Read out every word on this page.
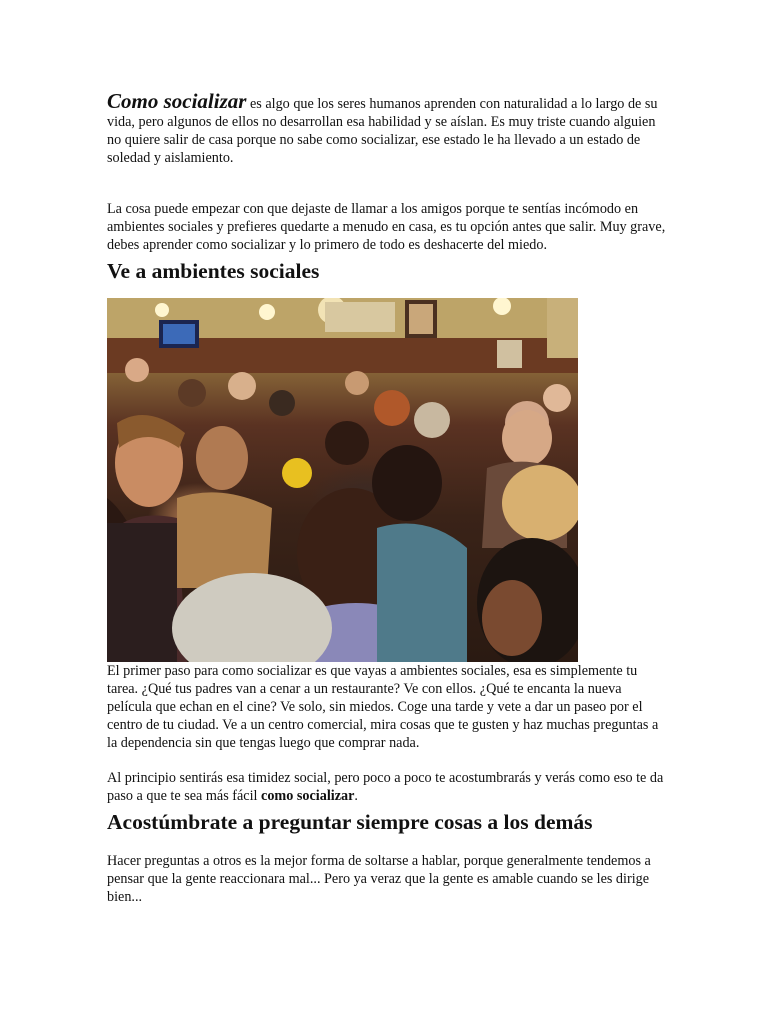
Como socializar es algo que los seres humanos aprenden con naturalidad a lo largo de su vida, pero algunos de ellos no desarrollan esa habilidad y se aíslan. Es muy triste cuando alguien no quiere salir de casa porque no sabe como socializar, ese estado le ha llevado a un estado de soledad y aislamiento.

La cosa puede empezar con que dejaste de llamar a los amigos porque te sentías incómodo en ambientes sociales y prefieres quedarte a menudo en casa, es tu opción antes que salir. Muy grave, debes aprender como socializar y lo primero de todo es deshacerte del miedo.

Ve a ambientes sociales

El primer paso para como socializar es que vayas a ambientes sociales, esa es simplemente tu tarea. ¿Qué tus padres van a cenar a un restaurante? Ve con ellos. ¿Qué te encanta la nueva película que echan en el cine? Ve solo, sin miedos. Coge una tarde y vete a dar un paseo por el centro de tu ciudad. Ve a un centro comercial, mira cosas que te gusten y haz muchas preguntas a la dependencia sin que tengas luego que comprar nada.

Al principio sentirás esa timidez social, pero poco a poco te acostumbrarás y verás como eso te da paso a que te sea más fácil como socializar.

Acostúmbrate a preguntar siempre cosas a los demás

Hacer preguntas a otros es la mejor forma de soltarse a hablar, porque generalmente tendemos a pensar que la gente reaccionara mal... Pero ya veraz que la gente es amable cuando se les dirige bien...
